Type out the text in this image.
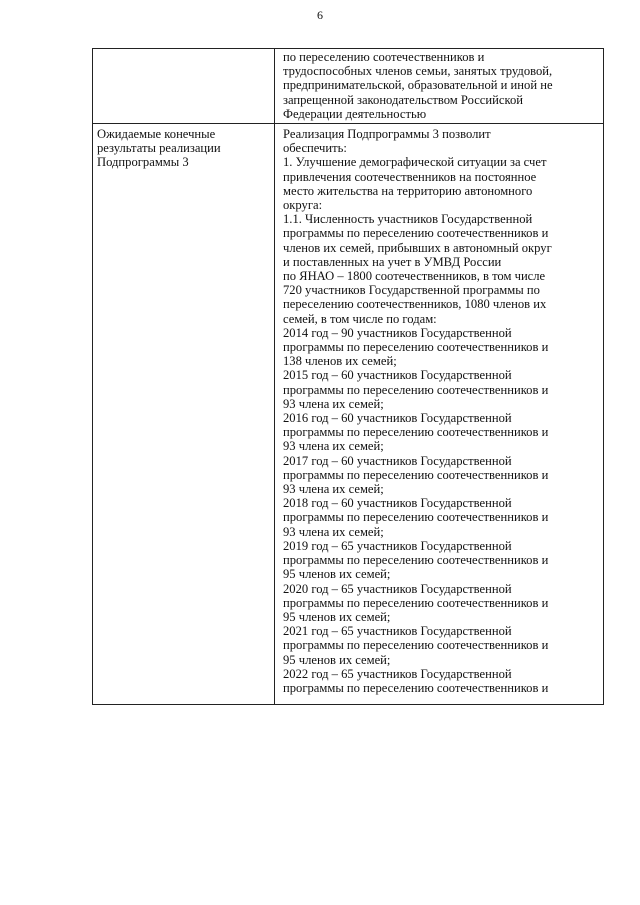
6
по переселению соотечественников и
трудоспособных членов семьи, занятых трудовой,
предпринимательской, образовательной и иной не
запрещенной законодательством Российской
Федерации деятельностью
Ожидаемые конечные
результаты реализации
Подпрограммы 3
Реализация Подпрограммы 3 позволит
обеспечить:
1. Улучшение демографической ситуации за счет
привлечения соотечественников на постоянное
место жительства на территорию автономного
округа:
1.1. Численность участников Государственной
программы по переселению соотечественников и
членов их семей, прибывших в автономный округ
и поставленных на учет в УМВД России
по ЯНАО – 1800 соотечественников, в том числе
720 участников Государственной программы по
переселению соотечественников, 1080 членов их
семей, в том числе по годам:
2014 год – 90 участников Государственной
программы по переселению соотечественников и
138 членов их семей;
2015 год – 60 участников Государственной
программы по переселению соотечественников и
93 члена их семей;
2016 год – 60 участников Государственной
программы по переселению соотечественников и
93 члена их семей;
2017 год – 60 участников Государственной
программы по переселению соотечественников и
93 члена их семей;
2018 год – 60 участников Государственной
программы по переселению соотечественников и
93 члена их семей;
2019 год – 65 участников Государственной
программы по переселению соотечественников и
95 членов их семей;
2020 год – 65 участников Государственной
программы по переселению соотечественников и
95 членов их семей;
2021 год – 65 участников Государственной
программы по переселению соотечественников и
95 членов их семей;
2022 год – 65 участников Государственной
программы по переселению соотечественников и
